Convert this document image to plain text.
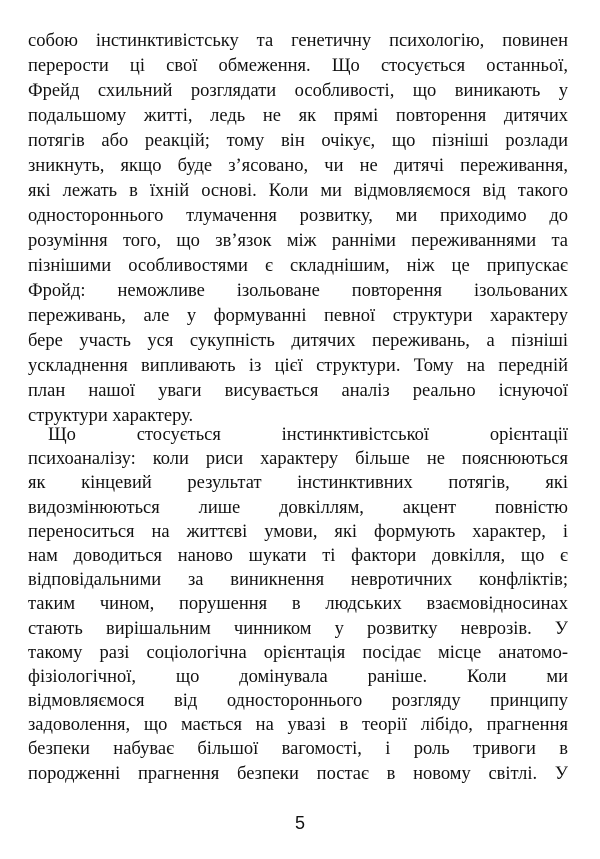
собою інстинктивістську та генетичну психологію, повинен
перерости ці свої обмеження. Що стосується останньої,
Фрейд схильний розглядати особливості, що виникають у
подальшому житті, ледь не як прямі повторення дитячих
потягів або реакцій; тому він очікує, що пізніші розлади
зникнуть, якщо буде з’ясовано, чи не дитячі переживання,
які лежать в їхній основі. Коли ми відмовляємося від такого
одностороннього тлумачення розвитку, ми приходимо до
розуміння того, що зв’язок між ранніми переживаннями та
пізнішими особливостями є складнішим, ніж це припускає
Фройд: неможливе ізольоване повторення ізольованих
переживань, але у формуванні певної структури характеру
бере участь уся сукупність дитячих переживань, а пізніші
ускладнення випливають із цієї структури. Тому на передній
план нашої уваги висувається аналіз реально існуючої
структури характеру.

Що стосується інстинктивістської орієнтації
психоаналізу: коли риси характеру більше не пояснюються
як кінцевий результат інстинктивних потягів, які
видозмінюються лише довкіллям, акцент повністю
переноситься на життєві умови, які формують характер, і
нам доводиться наново шукати ті фактори довкілля, що є
відповідальними за виникнення невротичних конфліктів;
таким чином, порушення в людських взаємовідносинах
стають вирішальним чинником у розвитку неврозів. У
такому разі соціологічна орієнтація посідає місце анатомо-
фізіологічної, що домінувала раніше. Коли ми
відмовляємося від одностороннього розгляду принципу
задоволення, що мається на увазі в теорії лібідо, прагнення
безпеки набуває більшої вагомості, і роль тривоги в
породженні прагнення безпеки постає в новому світлі. У

5
